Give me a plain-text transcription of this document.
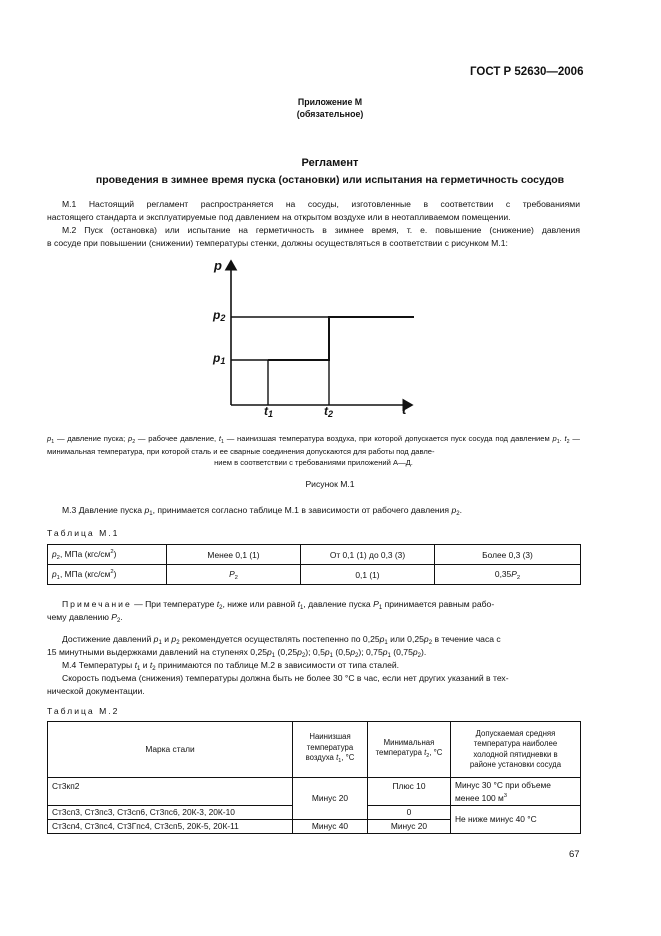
ГОСТ Р 52630—2006
Приложение М
(обязательное)
Регламент
проведения в зимнее время пуска (остановки) или испытания на герметичность сосудов
М.1 Настоящий регламент распространяется на сосуды, изготовленные в соответствии с требованиями
настоящего стандарта и эксплуатируемые под давлением на открытом воздухе или в неотапливаемом помещении.
М.2 Пуск (остановка) или испытание на герметичность в зимнее время, т. е. повышение (снижение) давления
в сосуде при повышении (снижении) температуры стенки, должны осуществляться в соответствии с рисунком М.1:
p
t
$p_2$
$p_1$
$t_1$	$t_2$
$p_1$ — давление пуска; $p_2$ — рабочее давление, $t_1$ — наинизшая температура воздуха, при которой допускается пуск сосуда под давлением $p_1$. $t_2$ — минимальная температура, при которой сталь и ее сварные соединения допускаются для работы под давле-
нием в соответствии с требованиями приложений А—Д.
Рисунок М.1
М.3 Давление пуска $p_1$, принимается согласно таблице М.1 в зависимости от рабочего давления $p_2$.
Таблица М.1
$p_2$, МПа $(кгс/см^2)$	Менее 0,1 (1)	От 0,1 (1) до 0,3 (3)	Более 0,3 (3)
$p_1$, МПа $(кгс/см^2)$	$P_2$	0,1 (1)	$0,35P_2$
Примечание — При температуре $t_2$, ниже или равной $t_1$, давление пуска $P_1$ принимается равным рабо-
чему давлению $P_2$.
Достижение давлений $p_1$ и $p_2$ рекомендуется осуществлять постепенно по $0,25p_1$ или $0,25p_2$ в течение часа с
15 минутными выдержками давлений на ступенях $0,25p_1$ $(0,25p_2)$; $0,5p_1$ $(0,5p_2)$; $0,75p_1$ $(0,75p_2)$.
М.4 Температуры $t_1$ и $t_2$ принимаются по таблице М.2 в зависимости от типа сталей.
Скорость подъема (снижения) температуры должна быть не более 30 °С в час, если нет других указаний в тех-
нической документации.
Таблица М.2
Марка стали	Наинизшая
температура
воздуха $t_1$, °С	Минимальная
температура $t_2$, °С	Допускаемая средняя
температура наиболее
холодной пятидневки в
районе установки сосуда
Ст3кп2	Минус 20	Плюс 10	Минус 30 °С при объеме
менее 100 $м^3$
Ст3сп3, Ст3пс3, Ст3сп6, Ст3пс6, 20К-3, 20К-10		0	Не ниже минус 40 °С
Ст3сп4, Ст3пс4, Ст3Гпс4, Ст3сп5, 20К-5, 20К-11	Минус 40	Минус 20	
67
